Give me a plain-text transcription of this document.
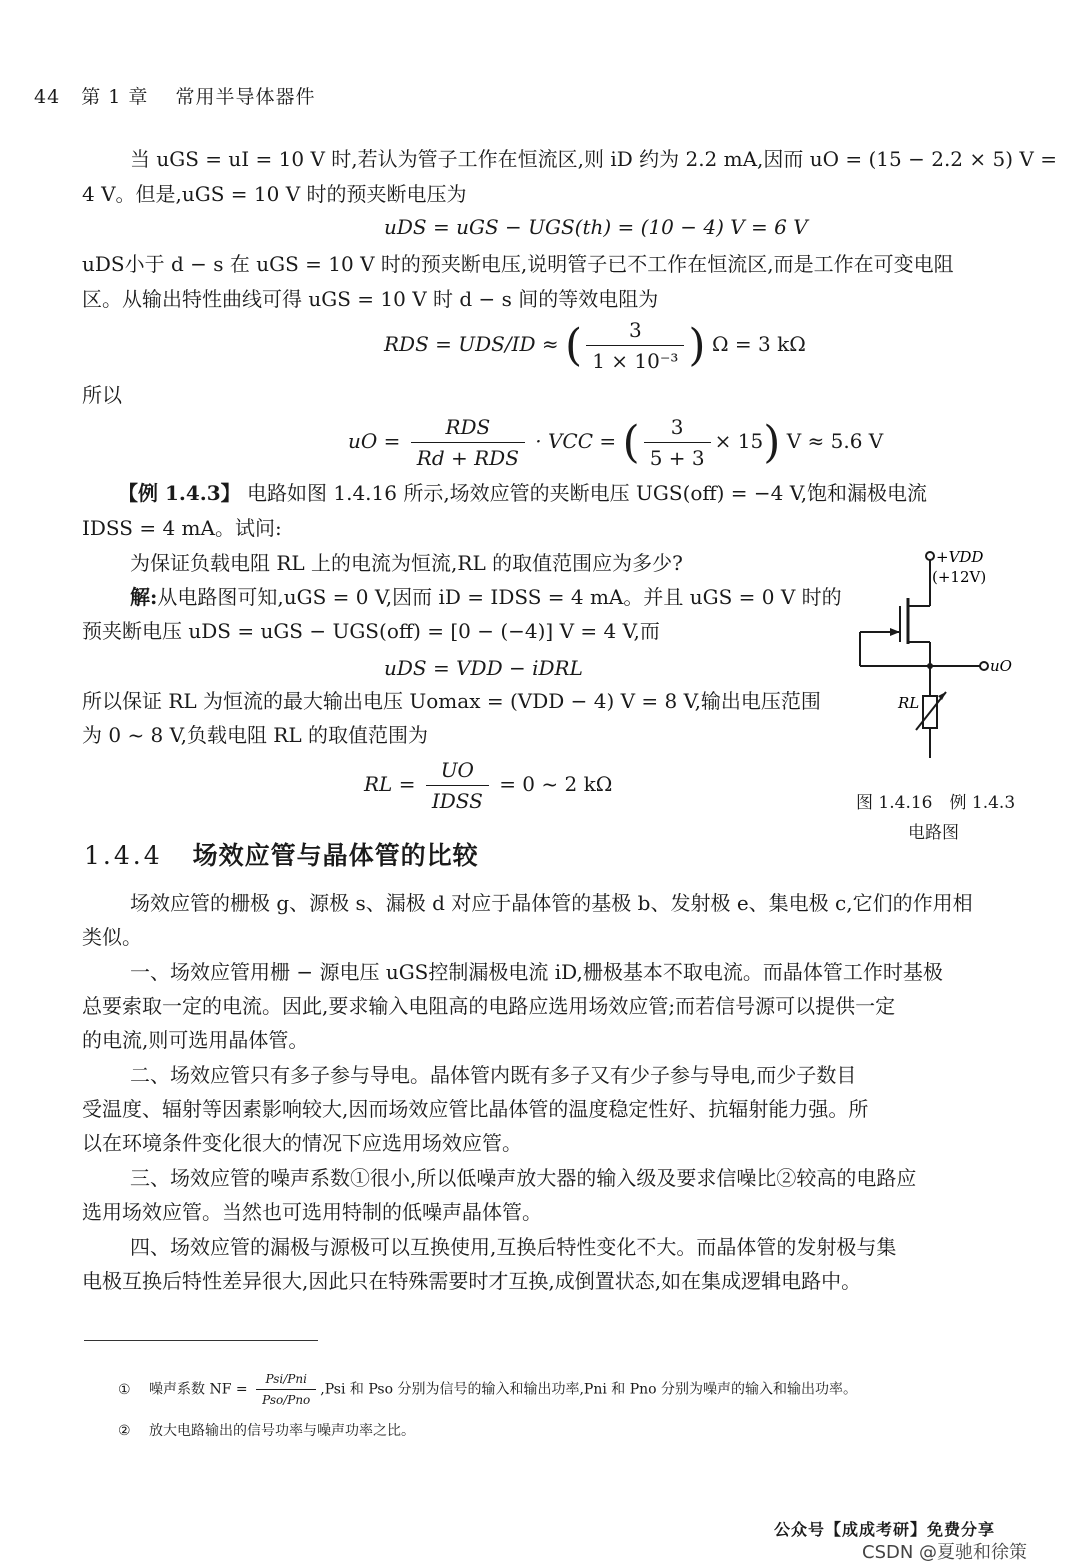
44 第 1 章 常用半导体器件
当 uGS = uI = 10 V 时,若认为管子工作在恒流区,则 iD 约为 2.2 mA,因而 uO = (15 − 2.2 × 5) V =
4 V。但是,uGS = 10 V 时的预夹断电压为
uDS = uGS − UGS(th) = (10 − 4) V = 6 V
uDS小于 d − s 在 uGS = 10 V 时的预夹断电压,说明管子已不工作在恒流区,而是工作在可变电阻
区。从输出特性曲线可得 uGS = 10 V 时 d − s 间的等效电阻为
RDS = UDS/ID ≈ ( $\frac{3}{\text{1 × 10⁻³}}$ ) Ω = 3 kΩ
所以
uO = $\frac{\text{RDS}}{\text{Rd + RDS}}$ · VCC = ( $\frac{3}{5 + 3} \times 15$) V ≈ 5.6 V
【例 1.4.3】 电路如图 1.4.16 所示,场效应管的夹断电压 UGS(off) = −4 V,饱和漏极电流
IDSS = 4 mA。试问:
为保证负载电阻 RL 上的电流为恒流,RL 的取值范围应为多少?
解:从电路图可知,uGS = 0 V,因而 iD = IDSS = 4 mA。并且 uGS = 0 V 时的
预夹断电压 uDS = uGS − UGS(off) = [0 − (−4)] V = 4 V,而
uDS = VDD − iDRL
所以保证 RL 为恒流的最大输出电压 Uomax = (VDD − 4) V = 8 V,输出电压范围
为 0 ~ 8 V,负载电阻 RL 的取值范围为
RL = $\frac{UO}{\text{IDSS}} = 0$ ~ 2 kΩ
+VDD
(+12V)
uO
RL
图 1.4.16　例 1.4.3
电路图
1.4.4 场效应管与晶体管的比较
场效应管的栅极 g、源极 s、漏极 d 对应于晶体管的基极 b、发射极 e、集电极 c,它们的作用相
类似。
一、场效应管用栅 − 源电压 uGS控制漏极电流 iD,栅极基本不取电流。而晶体管工作时基极
总要索取一定的电流。因此,要求输入电阻高的电路应选用场效应管;而若信号源可以提供一定
的电流,则可选用晶体管。
二、场效应管只有多子参与导电。晶体管内既有多子又有少子参与导电,而少子数目
受温度、辐射等因素影响较大,因而场效应管比晶体管的温度稳定性好、抗辐射能力强。所
以在环境条件变化很大的情况下应选用场效应管。
三、场效应管的噪声系数①很小,所以低噪声放大器的输入级及要求信噪比②较高的电路应
选用场效应管。当然也可选用特制的低噪声晶体管。
四、场效应管的漏极与源极可以互换使用,互换后特性变化不大。而晶体管的发射极与集
电极互换后特性差异很大,因此只在特殊需要时才互换,成倒置状态,如在集成逻辑电路中。
① 噪声系数 NF = $\frac{\text{Psi/Pni}}{\text{Pso/Pno}} ,Psi$ 和 Pso 分别为信号的输入和输出功率,Pni 和 Pno 分别为噪声的输入和输出功率。
② 放大电路输出的信号功率与噪声功率之比。
公众号【成成考研】免费分享
CSDN @夏驰和徐策
